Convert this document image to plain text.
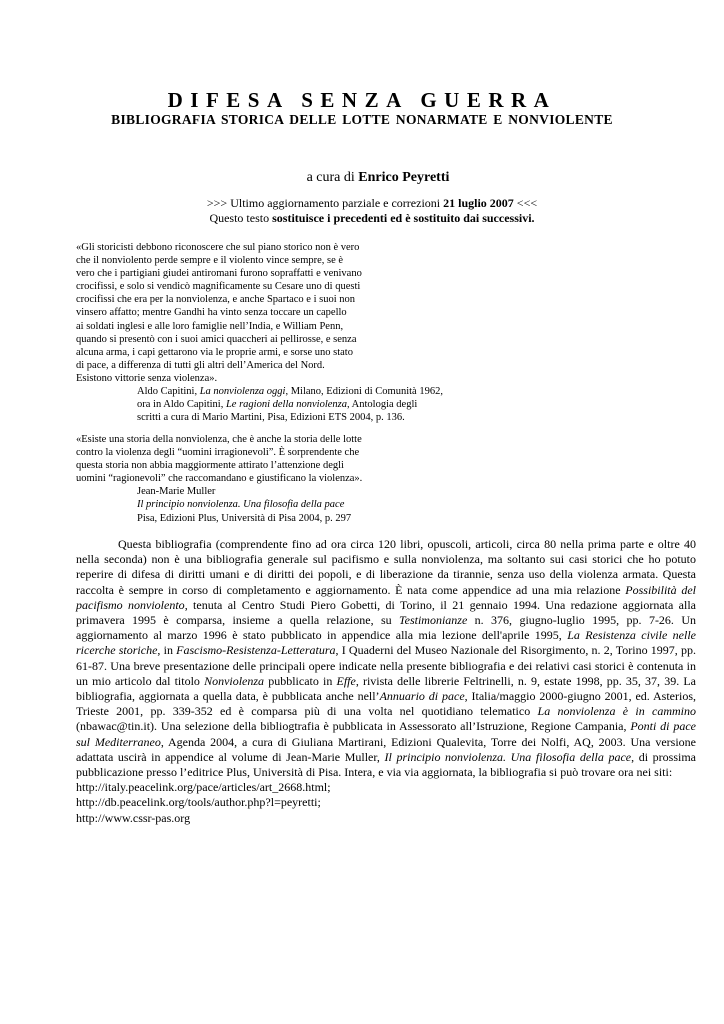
DIFESA SENZA GUERRA
BIBLIOGRAFIA STORICA DELLE LOTTE NONARMATE E NONVIOLENTE
a cura di Enrico Peyretti
>>> Ultimo aggiornamento parziale e correzioni 21 luglio 2007 <<<
Questo testo sostituisce i precedenti ed è sostituito dai successivi.
«Gli storicisti debbono riconoscere che sul piano storico non è vero
che il nonviolento perde sempre e il violento vince sempre, se è
vero che i partigiani giudei antiromani furono sopraffatti e venivano
crocifissi, e solo si vendicò magnificamente su Cesare uno di questi
crocifissi che era per la nonviolenza, e anche Spartaco e i suoi non
vinsero affatto; mentre Gandhi ha vinto senza toccare un capello
ai soldati inglesi e alle loro famiglie nell’India, e William Penn,
quando si presentò con i suoi amici quaccheri ai pellirosse, e senza
alcuna arma, i capi gettarono via le proprie armi, e sorse uno stato
di pace, a differenza di tutti gli altri dell’America del Nord.
Esistono vittorie senza violenza».
Aldo Capitini, La nonviolenza oggi, Milano, Edizioni di Comunità 1962,
ora in Aldo Capitini, Le ragioni della nonviolenza, Antologia degli
scritti a cura di Mario Martini, Pisa, Edizioni ETS 2004, p. 136.
«Esiste una storia della nonviolenza, che è anche la storia delle lotte
contro la violenza degli “uomini irragionevoli”. È sorprendente che
questa storia non abbia maggiormente attirato l’attenzione degli
uomini “ragionevoli” che raccomandano e giustificano la violenza».
Jean-Marie Muller
Il principio nonviolenza. Una filosofia della pace
Pisa, Edizioni Plus, Università di Pisa 2004, p. 297
Questa bibliografia (comprendente fino ad ora circa 120 libri, opuscoli, articoli, circa 80 nella prima parte e oltre 40 nella seconda) non è una bibliografia generale sul pacifismo e sulla nonviolenza, ma soltanto sui casi storici che ho potuto reperire di difesa di diritti umani e di diritti dei popoli, e di liberazione da tirannie, senza uso della violenza armata. Questa raccolta è sempre in corso di completamento e aggiornamento. È nata come appendice ad una mia relazione Possibilità del pacifismo nonviolento, tenuta al Centro Studi Piero Gobetti, di Torino, il 21 gennaio 1994. Una redazione aggiornata alla primavera 1995 è comparsa, insieme a quella relazione, su Testimonianze n. 376, giugno-luglio 1995, pp. 7-26. Un aggiornamento al marzo 1996 è stato pubblicato in appendice alla mia lezione dell'aprile 1995, La Resistenza civile nelle ricerche storiche, in Fascismo-Resistenza-Letteratura, I Quaderni del Museo Nazionale del Risorgimento, n. 2, Torino 1997, pp. 61-87. Una breve presentazione delle principali opere indicate nella presente bibliografia e dei relativi casi storici è contenuta in un mio articolo dal titolo Nonviolenza pubblicato in Effe, rivista delle librerie Feltrinelli, n. 9, estate 1998, pp. 35, 37, 39. La bibliografia, aggiornata a quella data, è pubblicata anche nell’Annuario di pace, Italia/maggio 2000-giugno 2001, ed. Asterios, Trieste 2001, pp. 339-352 ed è comparsa più di una volta nel quotidiano telematico La nonviolenza è in cammino (nbawac@tin.it). Una selezione della bibliogtrafia è pubblicata in Assessorato all’Istruzione, Regione Campania, Ponti di pace sul Mediterraneo, Agenda 2004, a cura di Giuliana Martirani, Edizioni Qualevita, Torre dei Nolfi, AQ, 2003. Una versione adattata uscirà in appendice al volume di Jean-Marie Muller, Il principio nonviolenza. Una filosofia della pace, di prossima pubblicazione presso l’editrice Plus, Università di Pisa. Intera, e via via aggiornata, la bibliografia si può trovare ora nei siti:
http://italy.peacelink.org/pace/articles/art_2668.html;
http://db.peacelink.org/tools/author.php?l=peyretti;
http://www.cssr-pas.org
